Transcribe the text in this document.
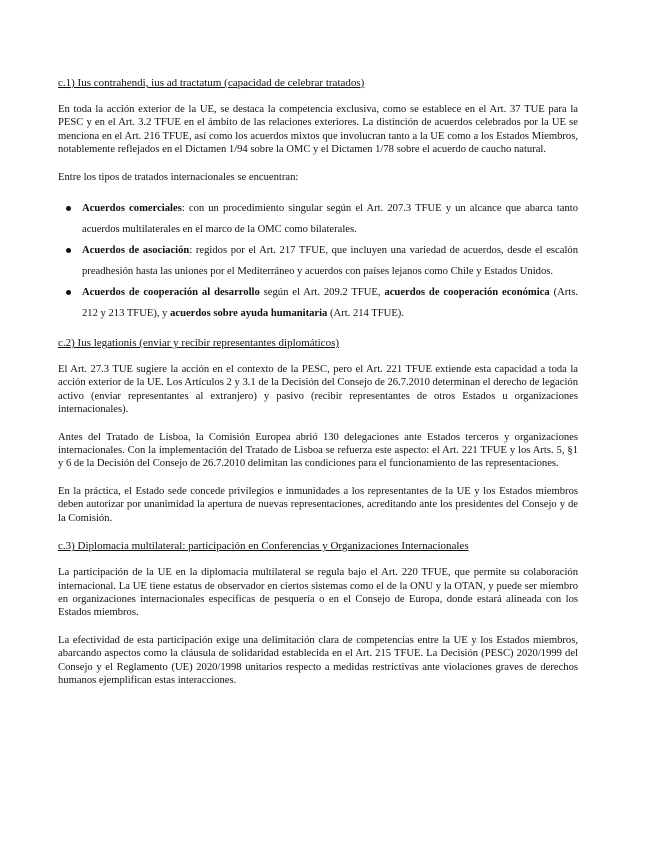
c.1) Ius contrahendi, ius ad tractatum (capacidad de celebrar tratados)

En toda la acción exterior de la UE, se destaca la competencia exclusiva, como se establece en el Art. 37 TUE para la PESC y en el Art. 3.2 TFUE en el ámbito de las relaciones exteriores. La distinción de acuerdos celebrados por la UE se menciona en el Art. 216 TFUE, así como los acuerdos mixtos que involucran tanto a la UE como a los Estados Miembros, notablemente reflejados en el Dictamen 1/94 sobre la OMC y el Dictamen 1/78 sobre el acuerdo de caucho natural.

Entre los tipos de tratados internacionales se encuentran:

Acuerdos comerciales: con un procedimiento singular según el Art. 207.3 TFUE y un alcance que abarca tanto acuerdos multilaterales en el marco de la OMC como bilaterales.
Acuerdos de asociación: regidos por el Art. 217 TFUE, que incluyen una variedad de acuerdos, desde el escalón preadhesión hasta las uniones por el Mediterráneo y acuerdos con países lejanos como Chile y Estados Unidos.
Acuerdos de cooperación al desarrollo según el Art. 209.2 TFUE, acuerdos de cooperación económica (Arts. 212 y 213 TFUE), y acuerdos sobre ayuda humanitaria (Art. 214 TFUE).
c.2) Ius legationis (enviar y recibir representantes diplomáticos)

El Art. 27.3 TUE sugiere la acción en el contexto de la PESC, pero el Art. 221 TFUE extiende esta capacidad a toda la acción exterior de la UE. Los Artículos 2 y 3.1 de la Decisión del Consejo de 26.7.2010 determinan el derecho de legación activo (enviar representantes al extranjero) y pasivo (recibir representantes de otros Estados u organizaciones internacionales).

Antes del Tratado de Lisboa, la Comisión Europea abrió 130 delegaciones ante Estados terceros y organizaciones internacionales. Con la implementación del Tratado de Lisboa se refuerza este aspecto: el Art. 221 TFUE y los Arts. 5, §1 y 6 de la Decisión del Consejo de 26.7.2010 delimitan las condiciones para el funcionamiento de las representaciones.

En la práctica, el Estado sede concede privilegios e inmunidades a los representantes de la UE y los Estados miembros deben autorizar por unanimidad la apertura de nuevas representaciones, acreditando ante los presidentes del Consejo y de la Comisión.

c.3) Diplomacia multilateral: participación en Conferencias y Organizaciones Internacionales

La participación de la UE en la diplomacia multilateral se regula bajo el Art. 220 TFUE, que permite su colaboración internacional. La UE tiene estatus de observador en ciertos sistemas como el de la ONU y la OTAN, y puede ser miembro en organizaciones internacionales específicas de pesquería o en el Consejo de Europa, donde estará alineada con los Estados miembros.

La efectividad de esta participación exige una delimitación clara de competencias entre la UE y los Estados miembros, abarcando aspectos como la cláusula de solidaridad establecida en el Art. 215 TFUE. La Decisión (PESC) 2020/1999 del Consejo y el Reglamento (UE) 2020/1998 unitarios respecto a medidas restrictivas ante violaciones graves de derechos humanos ejemplifican estas interacciones.
